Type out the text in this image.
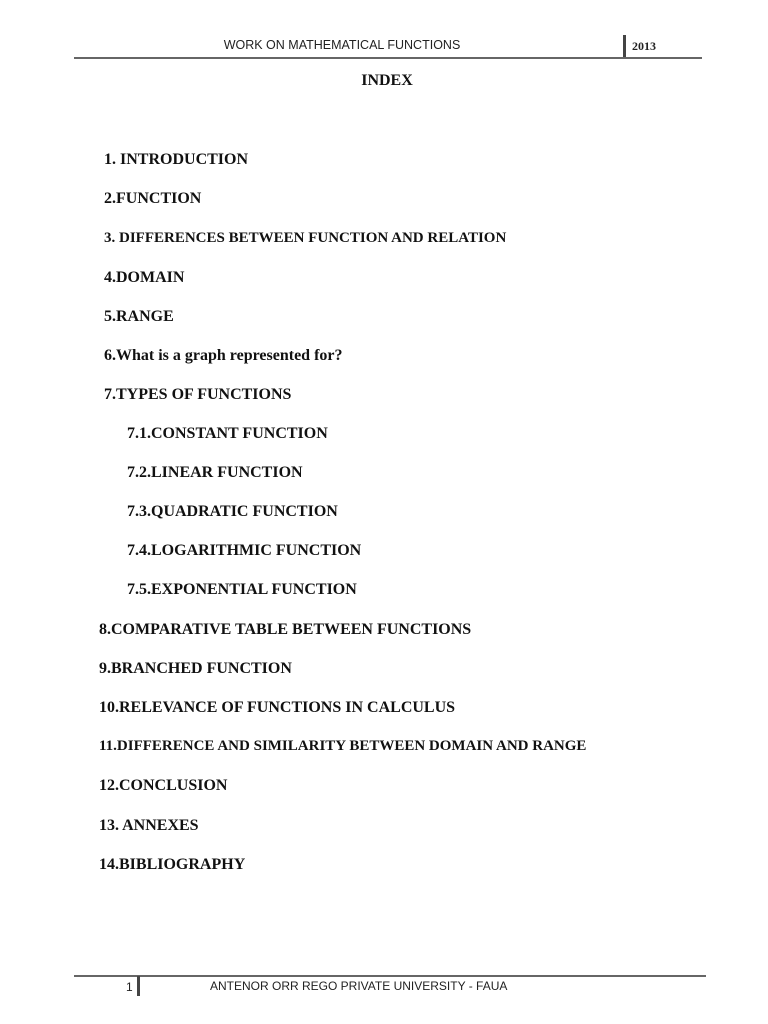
WORK ON MATHEMATICAL FUNCTIONS	2013
INDEX
1. INTRODUCTION
2.FUNCTION
3. DIFFERENCES BETWEEN FUNCTION AND RELATION
4.DOMAIN
5.RANGE
6.What is a graph represented for?
7.TYPES OF FUNCTIONS
7.1.CONSTANT FUNCTION
7.2.LINEAR FUNCTION
7.3.QUADRATIC FUNCTION
7.4.LOGARITHMIC FUNCTION
7.5.EXPONENTIAL FUNCTION
8.COMPARATIVE TABLE BETWEEN FUNCTIONS
9.BRANCHED FUNCTION
10.RELEVANCE OF FUNCTIONS IN CALCULUS
11.DIFFERENCE AND SIMILARITY BETWEEN DOMAIN AND RANGE
12.CONCLUSION
13. ANNEXES
14.BIBLIOGRAPHY
1	ANTENOR ORR REGO PRIVATE UNIVERSITY - FAUA
